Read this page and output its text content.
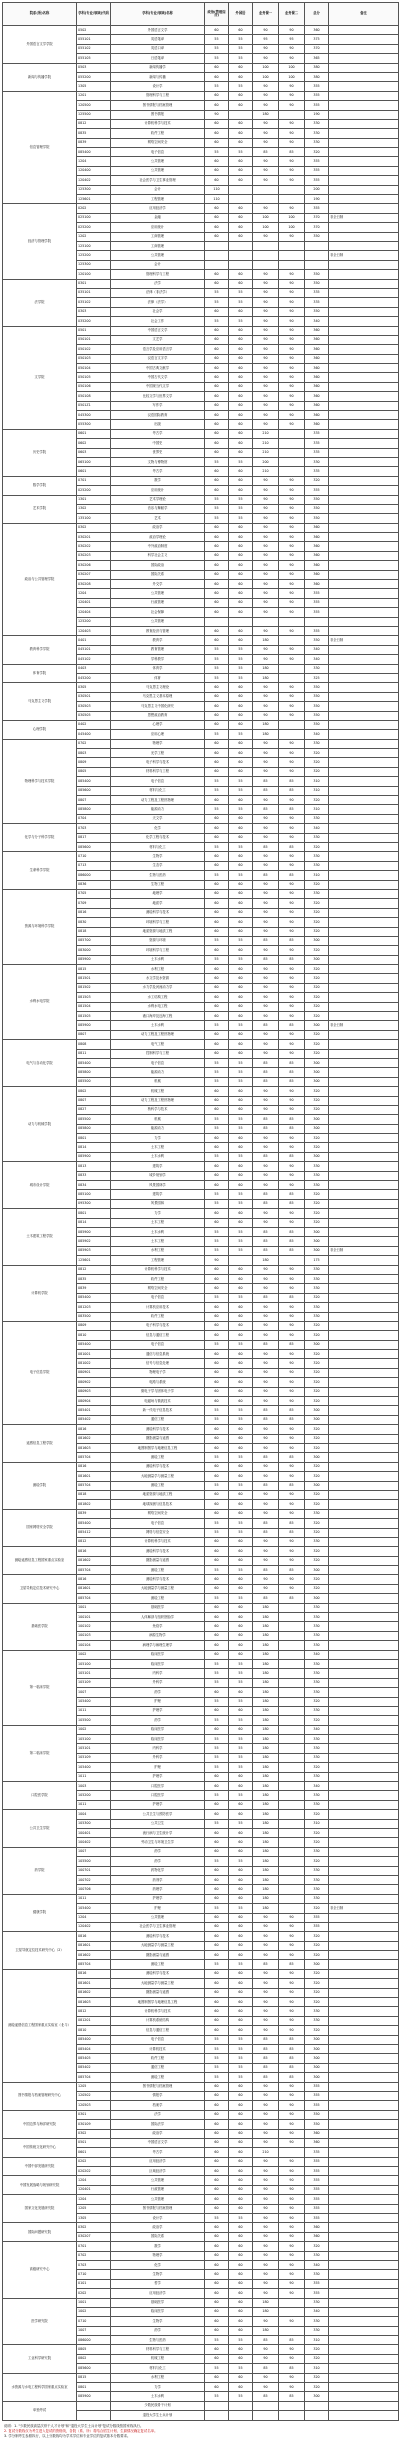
院系(所)名称	学科(专业/领域)代码	学科(专业/领域)名称	政治(管理综合)	外国语	业务课一	业务课二	总分	备注
外国语言文学学院	0502	外国语言文学	60	60	90	90	360	
	055101	英语笔译	55	55	95	95	375	
	055102	英语口译	55	55	90	90	370	
	055105	日语笔译	55	55	90	90	365	
新闻与传播学院	0503	新闻传播学	60	60	100	100	380	
	055200	新闻与传播	60	60	100	100	380	
	1305	设计学	55	55	90	90	355	
信息管理学院	1201	管理科学与工程	60	60	90	90	355	
	120500	图书情报与档案管理	60	60	90	90	355	
	125500	图书情报	90		180		190	
	0812	计算机科学与技术	60	60	90	90	330	
	0835	软件工程	60	60	90	90	330	
	0839	网络空间安全	60	60	90	90	330	
	085400	电子信息	55	55	85	85	320	
	1204	公共管理	60	60	90	90	355	
	120400	公共管理	60	60	90	90	355	
	120402	社会医学与卫生事业管理	60	60	90	90	355	
	125300	会计	110				200	
	125601	工程管理	110				190	
经济与管理学院	0202	应用经济学	60	60	90	90	355	
	025100	金融	60	60	100	100	370	非全日制
	025200	应用统计	60	60	100	100	370	
	1202	工商管理	60	60	90	90	350	
	125100	工商管理						
	125200	公共管理						非全日制
	125300	会计						
	120100	管理科学与工程	60	60	90	90	350	
法学院	0301	法学	60	60	90	90	350	
	035101	法律（非法学）	55	55	90	90	335	
	035102	法律（法学）	55	55	90	90	335	
	0303	社会学	60	60	90	90	350	
	035200	社会工作	55	55	90	90	340	
文学院	0501	中国语言文学	60	60	90	90	360	
	050101	文艺学	60	60	90	90	360	
	050102	语言学及应用语言学	60	60	90	90	360	
	050103	汉语言文字学	60	60	90	90	360	
	050104	中国古典文献学	60	60	90	90	360	
	050105	中国古代文学	60	60	90	90	360	
	050106	中国现当代文学	60	60	90	90	360	
	050108	比较文学与世界文学	60	60	90	90	360	
	0501Z1	写作学	60	60	90	90	360	
	045300	汉语国际教育	60	60	90	90	360	
	055300	出版	60	60	90	90	360	
历史学院	0601	考古学	60	60	210		335	
	0602	中国史	60	60	210		335	
	0603	世界史	60	60	210		335	
	065100	文物与博物馆	55	55	200		330	
	0601	考古学	60	60	210		335	
数学学院	0701	数学	60	60	90	90	320	
	025200	应用统计	60	60	90	90	355	
艺术学院	1301	艺术学理论	55	55	90	90	350	
	1302	音乐与舞蹈学	55	55	90	90	350	
	135100	艺术	55	55	90	90	350	
政治与公共管理学院	0302	政治学	60	60	90	90	360	
	030201	政治学理论	60	60	90	90	360	
	030202	中外政治制度	60	60	90	90	360	
	030203	科学社会主义	60	60	90	90	360	
	030206	国际政治	60	60	90	90	360	
	030207	国际关系	60	60	90	90	360	
	030208	外交学	60	60	90	90	360	
	1204	公共管理	60	60	90	90	355	
	120401	行政管理	60	60	90	90	355	
	120404	社会保障	60	60	90	90	355	
	125200	公共管理						
	120403	教育经济与管理	60	60	90	90	355	
教育科学学院	0401	教育学	60	60	180		350	非全日制
	045101	教育管理	55	55	90	90	340	
	045102	学科教学	55	55	90	90	340	
体育学院	0403	体育学	55	55	180		330	
	045200	体育	55	55	180		325	
马克思主义学院	0305	马克思主义理论	60	60	90	90	350	
	030501	马克思主义基本原理	60	60	90	90	350	
	030503	马克思主义中国化研究	60	60	90	90	350	
	030505	思想政治教育	60	60	90	90	350	
心理学院	0402	心理学	60	60	180		350	
	045400	应用心理	55	55	180		340	
物理科学与技术学院	0702	物理学	60	60	90	90	330	
	0803	光学工程	60	60	90	90	320	
	0809	电子科学与技术	60	60	90	90	320	
	0805	材料科学与工程	60	60	90	90	320	
	085400	电子信息	55	55	85	85	310	
	085600	材料与化工	55	55	85	85	310	
	0807	动力工程及工程热物理	60	60	90	90	320	
	085800	能源动力	55	55	85	85	310	
	0704	天文学	60	60	90	90	330	
化学与分子科学学院	0703	化学	60	60	90	90	340	
	0817	化学工程与技术	60	60	90	90	330	
	085600	材料与化工	55	55	85	85	320	
生命科学学院	0710	生物学	60	60	90	90	330	
	0713	生态学	60	60	90	90	330	
	086000	生物与医药	55	55	85	85	310	
	0836	生物工程	60	60	90	90	320	
资源与环境科学学院	0705	地理学	60	60	90	90	330	
	0709	地质学	60	60	90	90	320	
	0816	测绘科学与技术	60	60	90	90	320	
	0830	环境科学与工程	60	60	90	90	320	
	0818	地质资源与地质工程	60	60	90	90	320	
	085700	资源与环境	55	55	85	85	300	
	083000	环境科学与工程	60	60	90	90	320	
	085900	土木水利	55	55	85	85	300	
水利水电学院	0815	水利工程	60	60	90	90	320	
	081501	水文学及水资源	60	60	90	90	320	
	081502	水力学及河流动力学	60	60	90	90	320	
	081503	水工结构工程	60	60	90	90	320	
	081504	水利水电工程	60	60	90	90	320	
	081505	港口海岸及近海工程	60	60	90	90	320	
	085900	土木水利	55	55	85	85	300	非全日制
	0807	动力工程及工程热物理	60	60	90	90	320	
电气与自动化学院	0808	电气工程	60	60	90	90	320	
	0811	控制科学与工程	60	60	90	90	320	
	085400	电子信息	55	55	85	85	300	
	085800	能源动力	55	55	85	85	300	
	085500	机械	55	55	85	85	300	
动力与机械学院	0802	机械工程	60	60	90	90	320	
	0807	动力工程及工程热物理	60	60	90	90	320	
	0827	核科学与技术	60	60	90	90	320	
	085500	机械	55	55	85	85	300	
	085800	能源动力	55	55	85	85	300	
	0801	力学	60	60	90	90	320	
	0814	土木工程	60	60	90	90	320	
	085900	土木水利	55	55	85	85	300	
城市设计学院	0813	建筑学	60	60	90	90	330	
	0833	城乡规划学	60	60	90	90	330	
	0834	风景园林学	60	60	90	90	330	
	085100	建筑学	55	55	85	85	320	
	095300	风景园林	55	55	85	85	320	
土木建筑工程学院	0801	力学	60	60	90	90	320	
	0814	土木工程	60	60	90	90	320	
	085900	土木水利	55	55	85	85	300	
	085902	土木工程	55	55	85	85	300	
	085903	水利工程	55	55	85	85	300	非全日制
	125601	工程管理	90		180		175	
计算机学院	0812	计算机科学与技术	60	60	90	90	330	
	0835	软件工程	60	60	90	90	330	
	0839	网络空间安全	60	60	90	90	330	
	085400	电子信息	55	55	85	85	320	
	081203	计算机应用技术	60	60	90	90	330	
	083500	软件工程	60	60	90	90	330	
电子信息学院	0809	电子科学与技术	60	60	90	90	320	
	0810	信息与通信工程	60	60	90	90	320	
	085400	电子信息	55	55	85	85	300	
	081001	通信与信息系统	60	60	90	90	320	
	081002	信号与信息处理	60	60	90	90	320	
	080901	物理电子学	60	60	90	90	320	
	080902	电路与系统	60	60	90	90	320	
	080903	微电子学与固体电子学	60	60	90	90	320	
	080904	电磁场与微波技术	60	60	90	90	320	
	085401	新一代电子信息技术	55	55	85	85	300	
	085402	通信工程	55	55	85	85	300	
遥感信息工程学院	0816	测绘科学与技术	60	60	90	90	320	
	081602	摄影测量与遥感	60	60	90	90	320	
	081603	地图制图学与地理信息工程	60	60	90	90	320	
	085704	测绘工程	55	55	85	85	300	
测绘学院	0816	测绘科学与技术	60	60	90	90	320	
	081601	大地测量学与测量工程	60	60	90	90	320	
	085704	测绘工程	55	55	85	85	300	
	0818	地质资源与地质工程	60	60	90	90	320	
	081802	地球探测与信息技术	60	60	90	90	320	
国家网络安全学院	0839	网络空间安全	60	60	90	90	330	
	085400	电子信息	55	55	85	85	320	
	085412	网络与信息安全	55	55	85	85	320	
	0812	计算机科学与技术	60	60	90	90	330	
测绘遥感信息工程国家重点实验室	0816	测绘科学与技术	60	60	90	90	320	
	081602	摄影测量与遥感	60	60	90	90	320	
	085704	测绘工程	55	55	85	85	300	
卫星导航定位技术研究中心	0816	测绘科学与技术	60	60	90	90	320	
	081601	大地测量学与测量工程	60	60	90	90	320	
	085704	测绘工程	55	55	85	85	300	
基础医学院	1001	基础医学	60	60	180		330	
	100101	人体解剖与组织胚胎学	60	60	180		330	
	100102	免疫学	60	60	180		330	
	100103	病原生物学	60	60	180		330	
	100104	病理学与病理生理学	60	60	180		330	
第一临床学院	1002	临床医学	60	60	180		340	
	105100	临床医学	55	55	180		330	
	105101	内科学	55	55	180		330	
	105109	外科学	55	55	180		330	
	1007	药学	60	60	180		330	
	105400	护理	55	55	180		320	
	1011	护理学	60	60	180		330	
	105500	药学	55	55	180		320	
第二临床学院	1002	临床医学	60	60	180		340	
	105100	临床医学	55	55	180		330	
	105101	内科学	55	55	180		330	
	105109	外科学	55	55	180		330	
	105400	护理	55	55	180		320	
	1011	护理学	60	60	180		330	
口腔医学院	1003	口腔医学	60	60	180		340	
	105200	口腔医学	55	55	180		330	
	1011	护理学	60	60	180		330	
公共卫生学院	1004	公共卫生与预防医学	60	60	180		320	
	105300	公共卫生	55	55	180		310	
	100401	流行病与卫生统计学	60	60	180		320	
	100402	劳动卫生与环境卫生学	60	60	180		320	
药学院	1007	药学	60	60	180		330	
	105500	药学	55	55	180		320	
	100701	药物化学	60	60	180		330	
	100702	药剂学	60	60	180		330	
	100706	药理学	60	60	180		330	
健康学院	1011	护理学	60	60	180		330	
	105400	护理	55	55	180		320	非全日制
	1204	公共管理	60	60	90	90	355	
	120402	社会医学与卫生事业管理	60	60	90	90	355	
卫星导航定位技术研究中心（2）	0816	测绘科学与技术	60	60	90	90	320	
	081601	大地测量学与测量工程	60	60	90	90	320	
	081602	摄影测量与遥感	60	60	90	90	320	
	085704	测绘工程	55	55	85	85	300	
测绘遥感信息工程国家重点实验室（北斗）	0816	测绘科学与技术	60	60	90	90	320	
	081601	大地测量学与测量工程	60	60	90	90	320	
	081602	摄影测量与遥感	60	60	90	90	320	
	081603	地图制图学与地理信息工程	60	60	90	90	320	
	0812	计算机科学与技术	60	60	90	90	330	
	081201	计算机系统结构	60	60	90	90	330	
	0810	信息与通信工程	60	60	90	90	320	
	085400	电子信息	55	55	85	85	300	
	085404	计算机技术	55	55	85	85	300	
	085405	软件工程	55	55	85	85	300	
	085402	通信工程	55	55	85	85	300	
	085704	测绘工程	55	55	85	85	300	
图书情报与档案管理研究中心	1205	图书情报与档案管理	60	60	90	90	355	
	120502	情报学	60	60	90	90	355	
	120503	档案学	60	60	90	90	355	
中国边界与海洋研究院	0301	法学	60	60	90	90	350	
	030109	国际法学	60	60	90	90	350	
	0302	政治学	60	60	90	90	360	
中国传统文化研究中心	0501	中国语言文学	60	60	90	90	360	
	0601	考古学	60	60	210		335	
中国中部发展研究院	0202	应用经济学	60	60	90	90	355	
	020202	区域经济学	60	60	90	90	355	
中国发展战略与规划研究院	1204	公共管理	60	60	90	90	355	
	120401	行政管理	60	60	90	90	355	
国家文化发展研究院	1204	公共管理	60	60	90	90	355	
	1205	图书情报与档案管理	60	60	90	90	355	
	1305	设计学	55	55	90	90	355	
国际问题研究院	0302	政治学	60	60	90	90	360	
	030207	国际关系	60	60	90	90	360	
高级研究中心	0701	数学	60	60	90	90	320	
	0702	物理学	60	60	90	90	330	
	0703	化学	60	60	90	90	340	
	0710	生物学	60	60	90	90	330	
	0101	哲学	60	60	90	90	355	
	0202	应用经济学	60	60	90	90	355	
医学研究院	1001	基础医学	60	60	180		330	
	1002	临床医学	60	60	180		340	
	0710	生物学	60	60	90	90	330	
	1007	药学	60	60	180		330	
	086000	生物与医药	55	55	85	85	310	
工业科学研究院	0805	材料科学与工程	60	60	90	90	320	
	0802	机械工程	60	60	90	90	320	
	085600	材料与化工	55	55	85	85	310	
水资源与水电工程科学国家重点实验室	0815	水利工程	60	60	90	90	320	
	0801	力学	60	60	90	90	320	
	085900	土木水利	55	55	85	85	300	
单独考试		少数民族骨干计划						
		退役大学生士兵计划						
说明：1. "少数民族高层次骨干人才计划"和"退役大学生士兵计划"复试分数线按国家线执行。
2. 复试分数线仅为考生进入复试的资格线，各院（系、所）将结合招生计划、生源情况确定复试名单。
3. 学分制考生参照执行，以上分数线均为学术学位和专业学位的复试基本分数要求。
